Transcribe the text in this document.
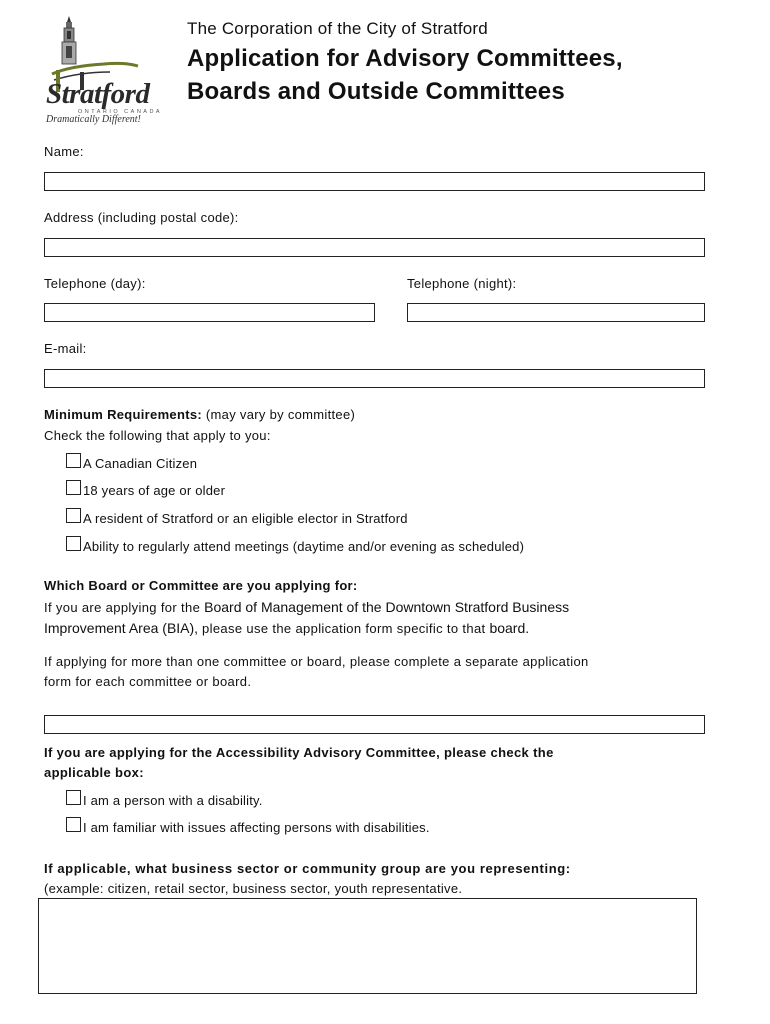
Stratford
ONTARIO CANADA
Dramatically Different!
The Corporation of the City of Stratford
Application for Advisory Committees,
Boards and Outside Committees
Name:
Address (including postal code):
Telephone (day):	Telephone (night):
E-mail:
Minimum Requirements: (may vary by committee)
Check the following that apply to you:
A Canadian Citizen
18 years of age or older
A resident of Stratford or an eligible elector in Stratford
Ability to regularly attend meetings (daytime and/or evening as scheduled)
Which Board or Committee are you applying for:
If you are applying for the Board of Management of the Downtown Stratford Business
Improvement Area (BIA), please use the application form specific to that board.
If applying for more than one committee or board, please complete a separate application
form for each committee or board.
If you are applying for the Accessibility Advisory Committee, please check the
applicable box:
I am a person with a disability.
I am familiar with issues affecting persons with disabilities.
If applicable, what business sector or community group are you representing:
(example: citizen, retail sector, business sector, youth representative.
